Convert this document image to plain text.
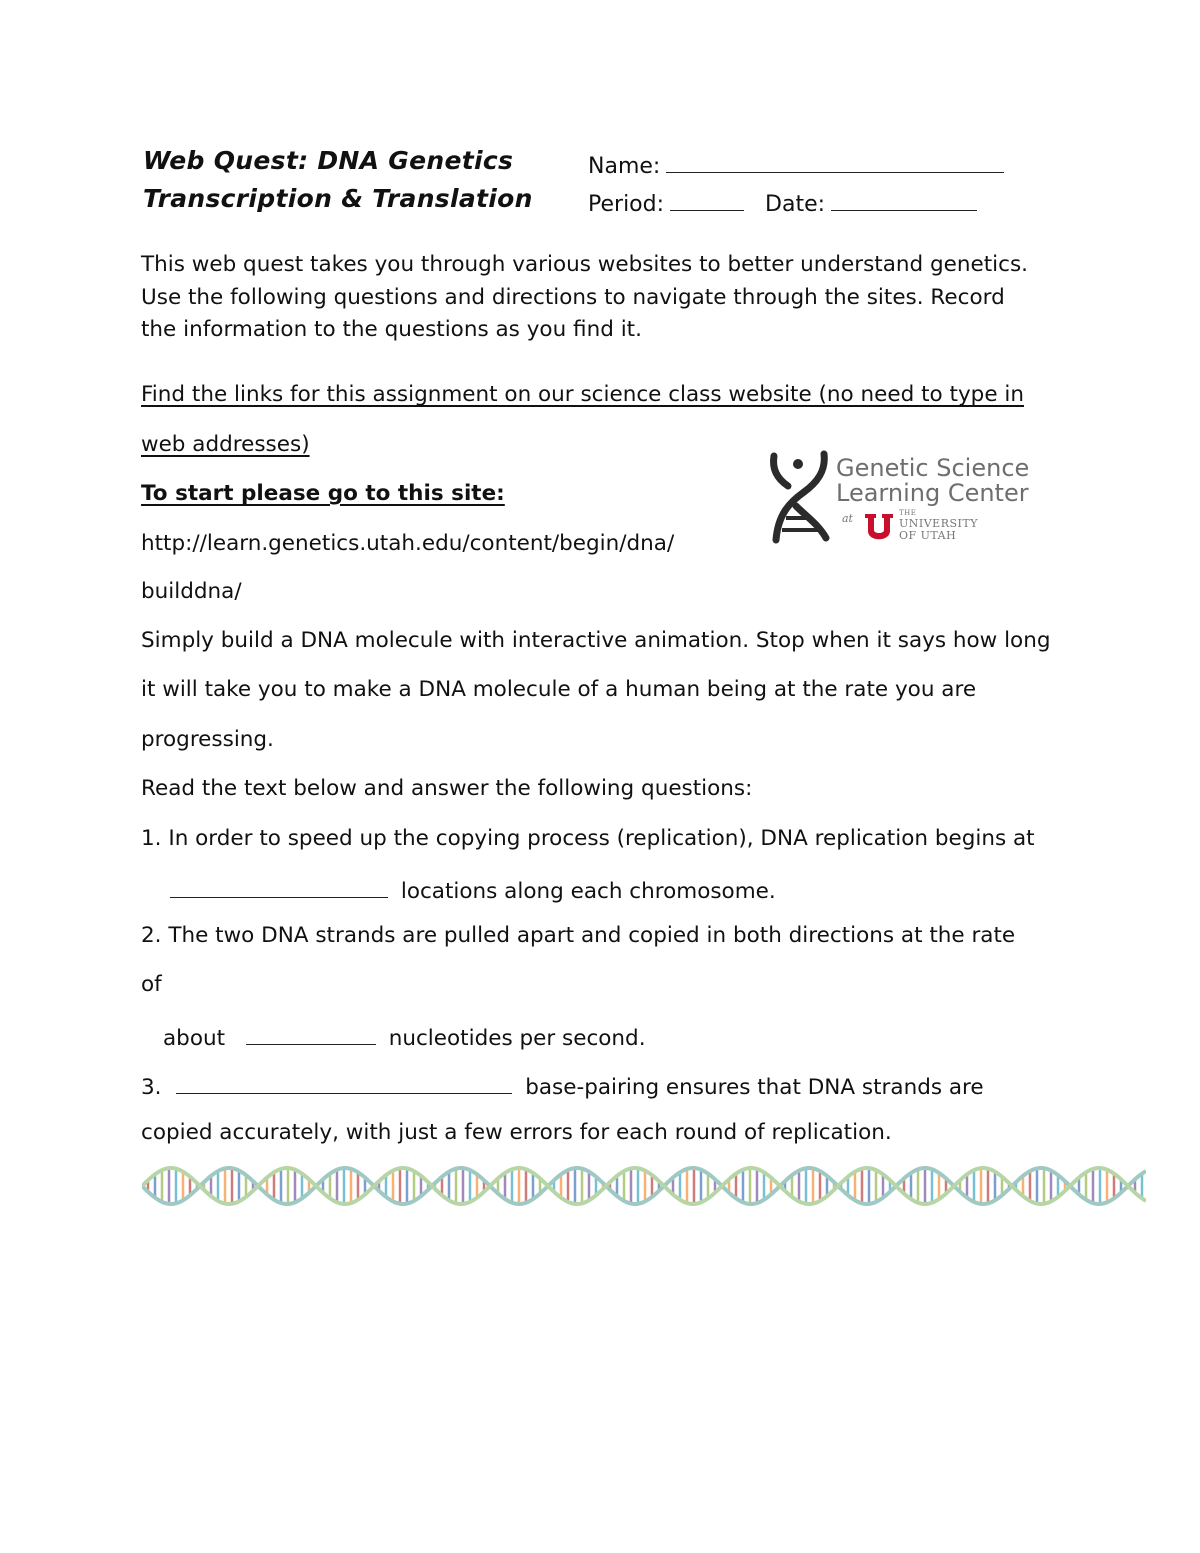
Web Quest: DNA Genetics
Transcription & Translation
Name:
Period:	Date:
This web quest takes you through various websites to better understand genetics.
Use the following questions and directions to navigate through the sites. Record
the information to the questions as you find it.
Find the links for this assignment on our science class website (no need to type in
web addresses)
To start please go to this site:
http://learn.genetics.utah.edu/content/begin/dna/
builddna/
Genetic Science
Learning Center
at	THE
UNIVERSITY
OF UTAH
Simply build a DNA molecule with interactive animation. Stop when it says how long
it will take you to make a DNA molecule of a human being at the rate you are
progressing.
Read the text below and answer the following questions:
1. In order to speed up the copying process (replication), DNA replication begins at
locations along each chromosome.
2. The two DNA strands are pulled apart and copied in both directions at the rate
of
about	nucleotides per second.
3.	base-pairing ensures that DNA strands are
copied accurately, with just a few errors for each round of replication.
